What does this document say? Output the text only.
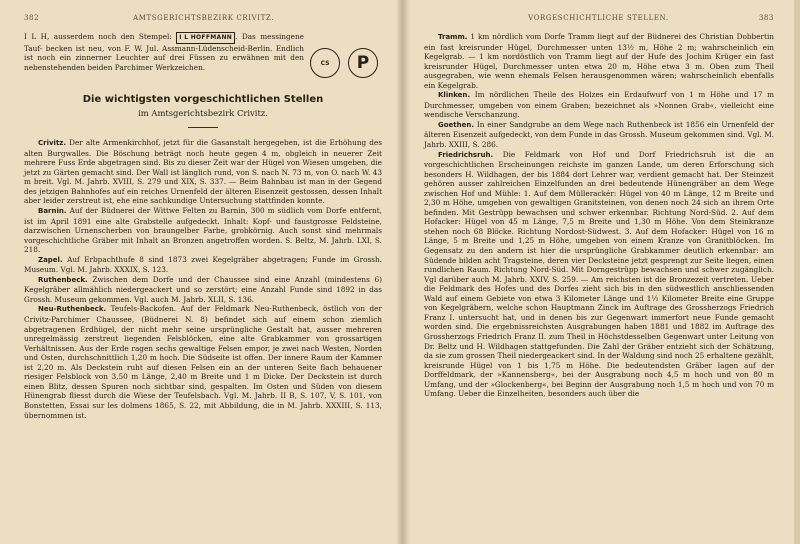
382	AMTSGERICHTSBEZIRK CRIVITZ.

I L H, ausserdem noch den Stempel: I L HOFFMANN . Das messingene Tauf- becken ist neu, von F. W. Jul. Assmann-Lüdenscheid-Berlin. Endlich ist noch ein zinnerner Leuchter auf drei Füssen zu erwähnen mit den nebenstehenden beiden Parchimer Werkzeichen.	CS	P
Die wichtigsten vorgeschichtlichen Stellen
im Amtsgerichtsbezirk Crivitz.

Crivitz. Der alte Armenkirchhof, jetzt für die Gasanstalt hergegeben, ist die Erhöhung des alten Burgwalles. Die Böschung beträgt noch heute gegen 4 m, obgleich in neuerer Zeit mehrere Fuss Erde abgetragen sind. Bis zu dieser Zeit war der Hügel von Wiesen umgeben, die jetzt zu Gärten gemacht sind. Der Wall ist länglich rund, von S. nach N. 73 m, von O. nach W. 43 m breit. Vgl. M. Jahrb. XVIII, S. 279 und XIX, S. 337. — Beim Bahnbau ist man in der Gegend des jetzigen Bahnhofes auf ein reiches Urnenfeld der älteren Eisenzeit gestossen, dessen Inhalt aber leider zerstreut ist, ehe eine sachkundige Untersuchung stattfinden konnte.

Barnin. Auf der Büdnerei der Wittwe Felten zu Barnin, 300 m südlich vom Dorfe entfernt, ist im April 1891 eine alte Grabstelle aufgedeckt. Inhalt: Kopf- und faustgrosse Feldsteine, darzwischen Urnenscherben von braungelber Farbe, grobkörnig. Auch sonst sind mehrmals vorgeschichtliche Gräber mit Inhalt an Bronzen angetroffen worden. S. Beltz, M. Jahrb. LXI, S. 218.

Zapel. Auf Erbpachthufe 8 sind 1873 zwei Kegelgräber abgetragen; Funde im Grossh. Museum. Vgl. M. Jahrb. XXXIX, S. 123.

Ruthenbeck. Zwischen dem Dorfe und der Chaussee sind eine Anzahl (mindestens 6) Kegelgräber allmählich niedergeackert und so zerstört; eine Anzahl Funde sind 1892 in das Grossh. Museum gekommen. Vgl. auch M. Jahrb. XLII, S. 136.

Neu-Ruthenbeck. Teufels-Backofen. Auf der Feldmark Neu-Ruthenbeck, östlich von der Crivitz-Parchimer Chaussee, (Büdnerei N. 8) befindet sich auf einem schon ziemlich abgetragenen Erdhügel, der nicht mehr seine ursprüngliche Gestalt hat, ausser mehreren unregelmässig zerstreut liegenden Felsblöcken, eine alte Grabkammer von grossartigen Verhältnissen. Aus der Erde ragen sechs gewaltige Felsen empor, je zwei nach Westen, Norden und Osten, durchschnittlich 1,20 m hoch. Die Südseite ist offen. Der innere Raum der Kammer ist 2,20 m. Als Deckstein ruht auf diesen Felsen ein an der unteren Seite flach behauener riesiger Felsblock von 3,50 m Länge, 2,40 m Breite und 1 m Dicke. Der Deckstein ist durch einen Blitz, dessen Spuren noch sichtbar sind, gespalten. Im Osten und Süden von diesem Hünengrab fliesst durch die Wiese der Teufelsbach. Vgl. M. Jahrb. II B, S. 107, V, S. 101, von Bonstetten, Essai sur les dolmens 1865, S. 22, mit Abbildung, die in M. Jahrb. XXXIII, S. 113, übernommen ist.

VORGESCHICHTLICHE STELLEN.	383

Tramm. 1 km nördlich vom Dorfe Tramm liegt auf der Büdnerei des Christian Dobbertin ein fast kreisrunder Hügel, Durchmesser unten 13½ m, Höhe 2 m; wahrscheinlich ein Kegelgrab. — 1 km nordöstlich von Tramm liegt auf der Hufe des Jochim Krüger ein fast kreisrunder Hügel, Durchmesser unten etwa 20 m, Höhe etwa 3 m. Oben zum Theil ausgegraben, wie wenn ehemals Felsen herausgenommen wären; wahrscheinlich ebenfalls ein Kegelgrab.

Klinken. Im nördlichen Theile des Holzes ein Erdaufwurf von 1 m Höhe und 17 m Durchmesser, umgeben von einem Graben; bezeichnet als »Nonnen Grab«, vielleicht eine wendische Verschanzung.

Goethen. In einer Sandgrube an dem Wege nach Ruthenbeck ist 1856 ein Urnenfeld der älteren Eisenzeit aufgedeckt, von dem Funde in das Grossh. Museum gekommen sind. Vgl. M. Jahrb. XXIII, S. 286.

Friedrichsruh. Die Feldmark von Hof und Dorf Friedrichsruh ist die an vorgeschichtlichen Erscheinungen reichste im ganzen Lande, um deren Erforschung sich besonders H. Wildhagen, der bis 1884 dort Lehrer war, verdient gemacht hat. Der Steinzeit gehören ausser zahlreichen Einzelfunden an drei bedeutende Hünengräber an dem Wege zwischen Hof und Mühle: 1. Auf dem Müllerackér: Hügel von 40 m Länge, 12 m Breite und 2,30 m Höhe, umgeben von gewaltigen Granitsteinen, von denen noch 24 sich an ihrem Orte befinden. Mit Gestrüpp bewachsen und schwer erkennbar. Richtung Nord-Süd. 2. Auf dem Hofacker: Hügel von 45 m Länge, 7,5 m Breite und 1,30 m Höhe. Von dem Steinkranze stehen noch 68 Blöcke. Richtung Nordost-Südwest. 3. Auf dem Hofacker: Hügel von 16 m Länge, 5 m Breite und 1,25 m Höhe, umgeben von einem Kranze von Granitblöcken. Im Gegensatz zu den andern ist hier die ursprüngliche Grabkammer deutlich erkennbar: am Südende bilden acht Tragsteine, deren vier Decksteine jetzt gesprengt zur Seite liegen, einen rundlichen Raum. Richtung Nord-Süd. Mit Dorngestrüpp bewachsen und schwer zugänglich. Vgl darüber auch M. Jahrb. XXIV, S. 259. — Am reichsten ist die Bronzezeit vertreten. Ueber die Feldmark des Hofes und des Dorfes zieht sich bis in den südwestlich anschliessenden Wald auf einem Gebiete von etwa 3 Kilometer Länge und 1½ Kilometer Breite eine Gruppe von Kegelgräbern, welche schon Hauptmann Zinck im Auftrage des Grossherzogs Friedrich Franz I. untersucht hat, und in denen bis zur Gegenwart immerfort neue Funde gemacht worden sind. Die ergebnissreichsten Ausgrabungen haben 1881 und 1882 im Auftrage des Grossherzogs Friedrich Franz II. zum Theil in Höchstdesselben Gegenwart unter Leitung von Dr. Beltz und H. Wildhagen stattgefunden. Die Zahl der Gräber entzieht sich der Schätzung, da sie zum grossen Theil niedergeackert sind. In der Waldung sind noch 25 erhaltene gezählt, kreisrunde Hügel von 1 bis 1,75 m Höhe. Die bedeutendsten Gräber lagen auf der Dorffeldmark, der »Kannensberg«, bei der Ausgrabung noch 4,5 m hoch und von 80 m Umfang, und der »Glockenberg«, bei Beginn der Ausgrabung noch 1,5 m hoch und von 70 m Umfang. Ueber die Einzelheiten, besonders auch über die
